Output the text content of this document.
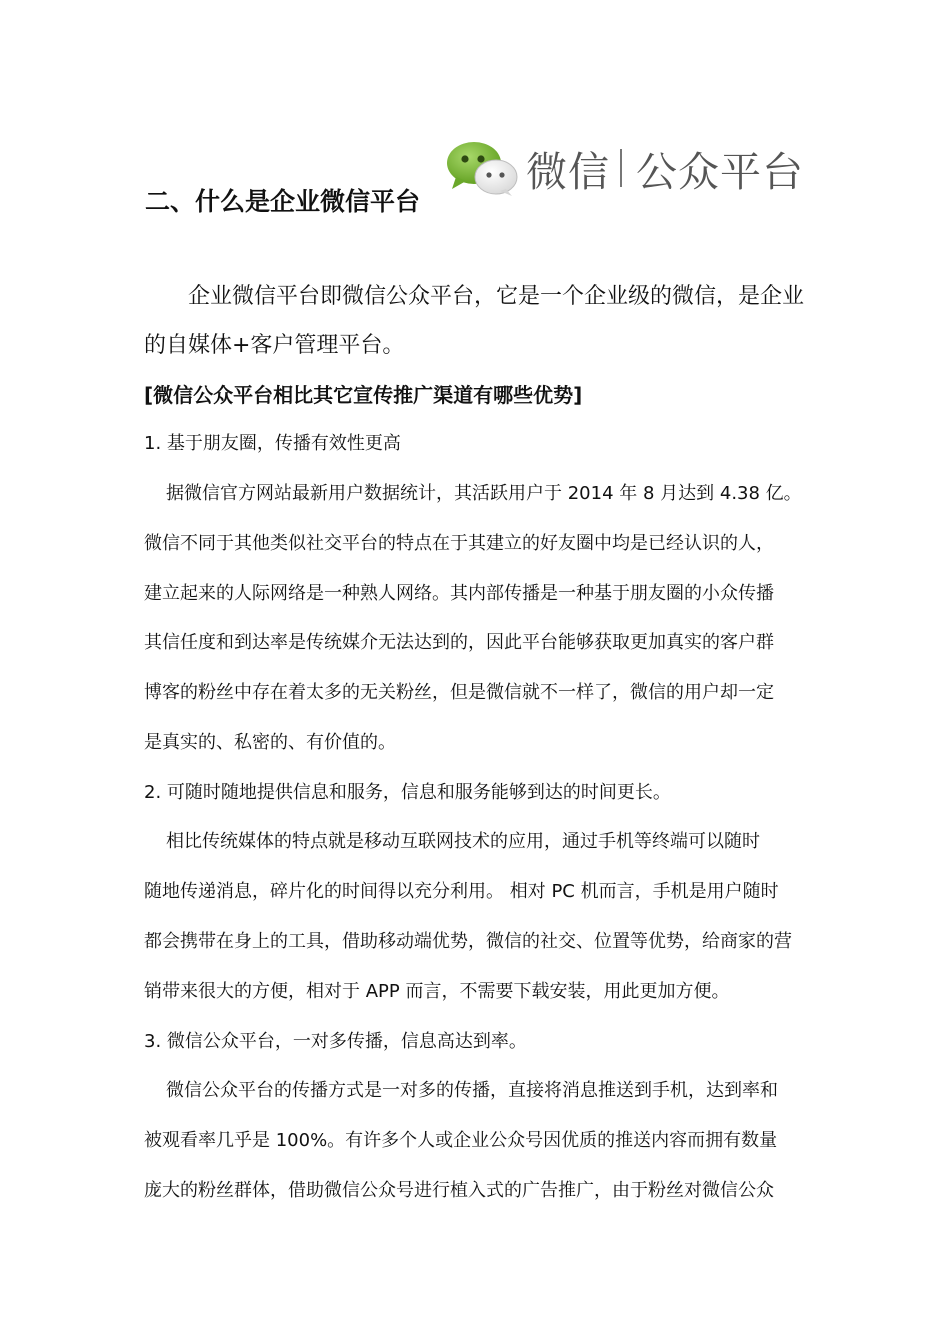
二、什么是企业微信平台
微信 公众平台
企业微信平台即微信公众平台，它是一个企业级的微信，是企业
的自媒体+客户管理平台。
[微信公众平台相比其它宣传推广渠道有哪些优势]
1. 基于朋友圈，传播有效性更高
据微信官方网站最新用户数据统计，其活跃用户于 2014 年 8 月达到 4.38 亿。
微信不同于其他类似社交平台的特点在于其建立的好友圈中均是已经认识的人，
建立起来的人际网络是一种熟人网络。其内部传播是一种基于朋友圈的小众传播
其信任度和到达率是传统媒介无法达到的，因此平台能够获取更加真实的客户群
博客的粉丝中存在着太多的无关粉丝，但是微信就不一样了，微信的用户却一定
是真实的、私密的、有价值的。
2. 可随时随地提供信息和服务，信息和服务能够到达的时间更长。
相比传统媒体的特点就是移动互联网技术的应用，通过手机等终端可以随时
随地传递消息，碎片化的时间得以充分利用。 相对 PC 机而言，手机是用户随时
都会携带在身上的工具，借助移动端优势，微信的社交、位置等优势，给商家的营
销带来很大的方便，相对于 APP 而言，不需要下载安装，用此更加方便。
3. 微信公众平台，一对多传播，信息高达到率。
微信公众平台的传播方式是一对多的传播，直接将消息推送到手机，达到率和
被观看率几乎是 100%。有许多个人或企业公众号因优质的推送内容而拥有数量
庞大的粉丝群体，借助微信公众号进行植入式的广告推广，由于粉丝对微信公众
